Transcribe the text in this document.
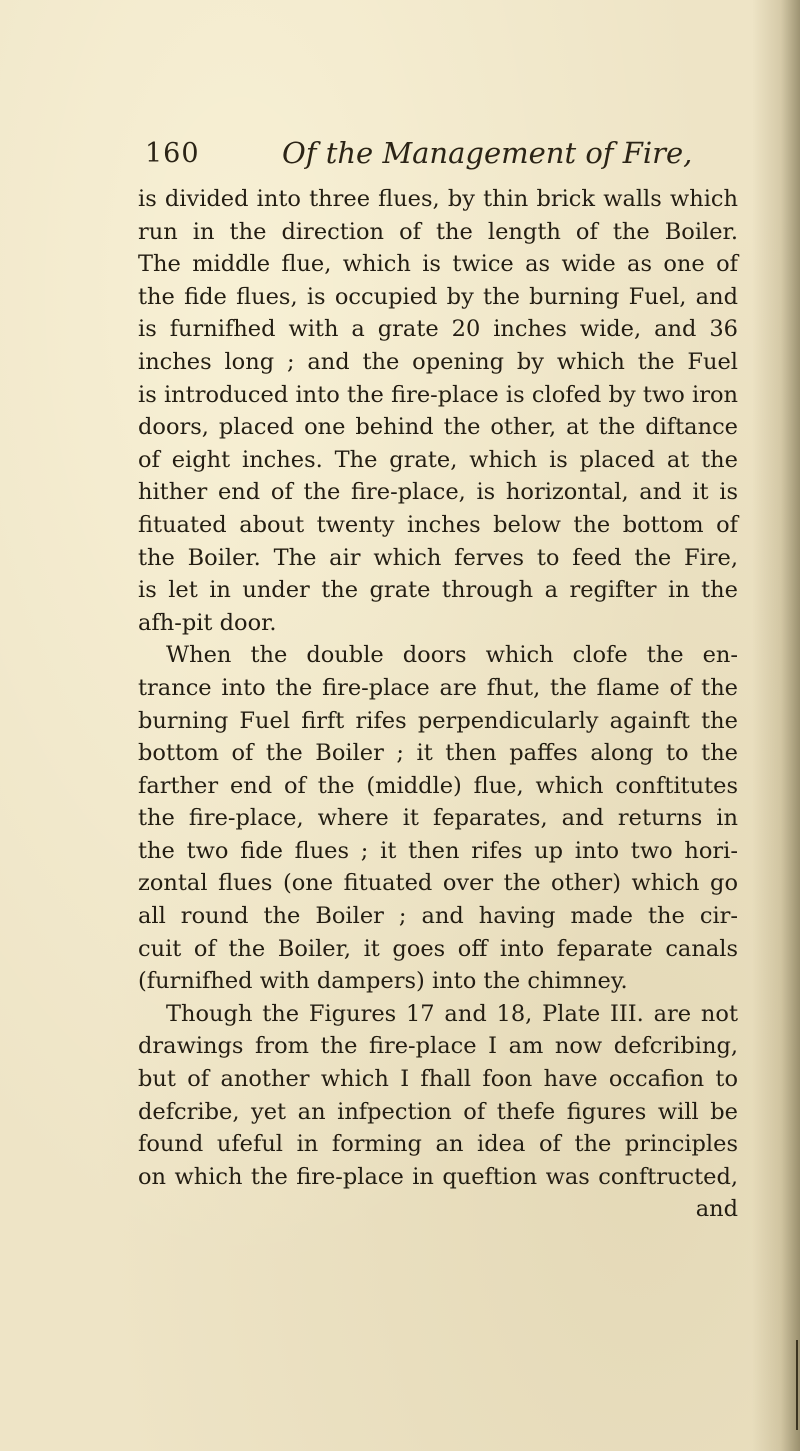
160	Of the Management of Fire,
is divided into three flues, by thin brick walls which
run in the direction of the length of the Boiler.
The middle flue, which is twice as wide as one of
the fide flues, is occupied by the burning Fuel, and
is furnifhed with a grate 20 inches wide, and 36
inches long ; and the opening by which the Fuel
is introduced into the fire-place is clofed by two iron
doors, placed one behind the other, at the diftance
of eight inches. The grate, which is placed at the
hither end of the fire-place, is horizontal, and it is
fituated about twenty inches below the bottom of
the Boiler. The air which ferves to feed the Fire,
is let in under the grate through a regifter in the
afh-pit door.
When the double doors which clofe the en-
trance into the fire-place are fhut, the flame of the
burning Fuel firft rifes perpendicularly againft the
bottom of the Boiler ; it then paffes along to the
farther end of the (middle) flue, which conftitutes
the fire-place, where it feparates, and returns in
the two fide flues ; it then rifes up into two hori-
zontal flues (one fituated over the other) which go
all round the Boiler ; and having made the cir-
cuit of the Boiler, it goes off into feparate canals
(furnifhed with dampers) into the chimney.
Though the Figures 17 and 18, Plate III. are not
drawings from the fire-place I am now defcribing,
but of another which I fhall foon have occafion to
defcribe, yet an infpection of thefe figures will be
found ufeful in forming an idea of the principles
on which the fire-place in queftion was conftructed,
and
